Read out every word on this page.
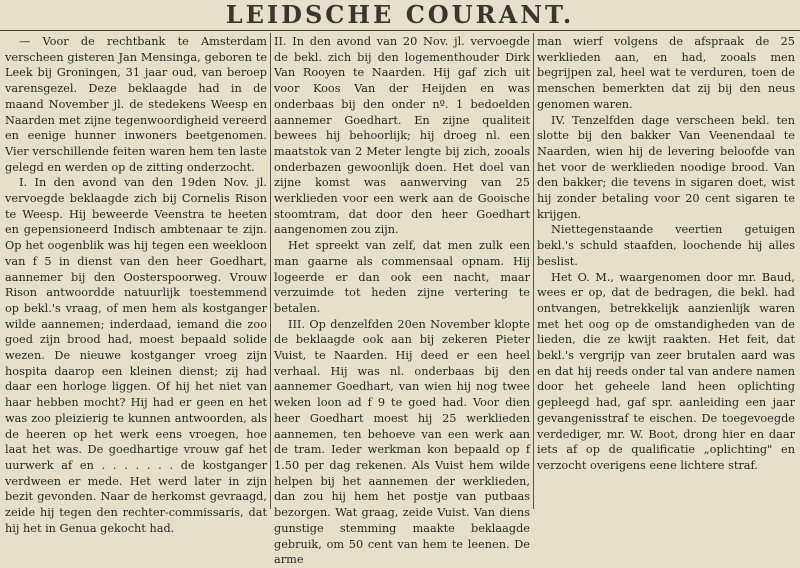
LEIDSCHE COURANT.

— Voor de rechtbank te Amsterdam verscheen gisteren Jan Mensinga, geboren te Leek bij Groningen, 31 jaar oud, van beroep varensgezel. Deze beklaagde had in de maand November jl. de stedekens Weesp en Naarden met zijne tegenwoordigheid vereerd en eenige hunner inwoners beetgenomen. Vier verschillende feiten waren hem ten laste gelegd en werden op de zitting onderzocht.

I. In den avond van den 19den Nov. jl. vervoegde beklaagde zich bij Cornelis Rison te Weesp. Hij beweerde Veenstra te heeten en gepensioneerd Indisch ambtenaar te zijn. Op het oogenblik was hij tegen een weekloon van f 5 in dienst van den heer Goedhart, aannemer bij den Oosterspoorweg. Vrouw Rison antwoordde natuurlijk toestemmend op bekl.'s vraag, of men hem als kostganger wilde aannemen; inderdaad, iemand die zoo goed zijn brood had, moest bepaald solide wezen. De nieuwe kostganger vroeg zijn hospita daarop een kleinen dienst; zij had daar een horloge liggen. Of hij het niet van haar hebben mocht? Hij had er geen en het was zoo pleizierig te kunnen antwoorden, als de heeren op het werk eens vroegen, hoe laat het was. De goedhartige vrouw gaf het uurwerk af en . . . . . . . de kostganger verdween er mede. Het werd later in zijn bezit gevonden. Naar de herkomst gevraagd, zeide hij tegen den rechter-commissaris, dat hij het in Genua gekocht had.

II. In den avond van 20 Nov. jl. vervoegde de bekl. zich bij den logementhouder Dirk Van Rooyen te Naarden. Hij gaf zich uit voor Koos Van der Heijden en was onderbaas bij den onder nº. 1 bedoelden aannemer Goedhart. En zijne qualiteit bewees hij behoorlijk; hij droeg nl. een maatstok van 2 Meter lengte bij zich, zooals onderbazen gewoonlijk doen. Het doel van zijne komst was aanwerving van 25 werklieden voor een werk aan de Gooische stoomtram, dat door den heer Goedhart aangenomen zou zijn.

Het spreekt van zelf, dat men zulk een man gaarne als commensaal opnam. Hij logeerde er dan ook een nacht, maar verzuimde tot heden zijne vertering te betalen.

III. Op denzelfden 20en November klopte de beklaagde ook aan bij zekeren Pieter Vuist, te Naarden. Hij deed er een heel verhaal. Hij was nl. onderbaas bij den aannemer Goedhart, van wien hij nog twee weken loon ad f 9 te goed had. Voor dien heer Goedhart moest hij 25 werklieden aannemen, ten behoeve van een werk aan de tram. Ieder werkman kon bepaald op f 1.50 per dag rekenen. Als Vuist hem wilde helpen bij het aannemen der werklieden, dan zou hij hem het postje van putbaas bezorgen. Wat graag, zeide Vuist. Van diens gunstige stemming maakte beklaagde gebruik, om 50 cent van hem te leenen. De arme

man wierf volgens de afspraak de 25 werklieden aan, en had, zooals men begrijpen zal, heel wat te verduren, toen de menschen bemerkten dat zij bij den neus genomen waren.

IV. Tenzelfden dage verscheen bekl. ten slotte bij den bakker Van Veenendaal te Naarden, wien hij de levering beloofde van het voor de werklieden noodige brood. Van den bakker; die tevens in sigaren doet, wist hij zonder betaling voor 20 cent sigaren te krijgen.

Niettegenstaande veertien getuigen bekl.'s schuld staafden, loochende hij alles beslist.

Het O. M., waargenomen door mr. Baud, wees er op, dat de bedragen, die bekl. had ontvangen, betrekkelijk aanzienlijk waren met het oog op de omstandigheden van de lieden, die ze kwijt raakten. Het feit, dat bekl.'s vergrijp van zeer brutalen aard was en dat hij reeds onder tal van andere namen door het geheele land heen oplichting gepleegd had, gaf spr. aanleiding een jaar gevangenisstraf te eischen. De toegevoegde verdediger, mr. W. Boot, drong hier en daar iets af op de qualificatie „oplichting" en verzocht overigens eene lichtere straf.
